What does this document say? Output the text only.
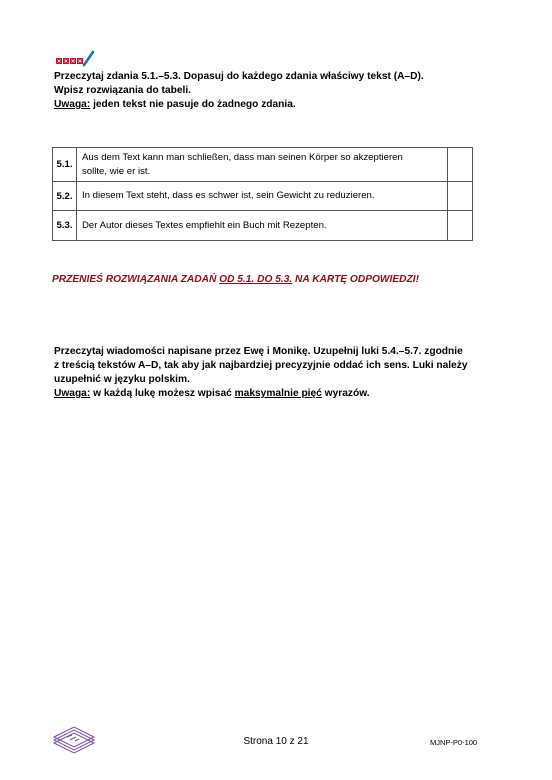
Przeczytaj zdania 5.1.–5.3. Dopasuj do każdego zdania właściwy tekst (A–D).
Wpisz rozwiązania do tabeli.
Uwaga: jeden tekst nie pasuje do żadnego zdania.
5.1.	Aus dem Text kann man schließen, dass man seinen Körper so akzeptieren
sollte, wie er ist.	

5.2.	In diesem Text steht, dass es schwer ist, sein Gewicht zu reduzieren.	
5.3.	Der Autor dieses Textes empfiehlt ein Buch mit Rezepten.	
PRZENIEŚ ROZWIĄZANIA ZADAŃ OD 5.1. DO 5.3. NA KARTĘ ODPOWIEDZI!
Przeczytaj wiadomości napisane przez Ewę i Monikę. Uzupełnij luki 5.4.–5.7. zgodnie
z treścią tekstów A–D, tak aby jak najbardziej precyzyjnie oddać ich sens. Luki należy
uzupełnić w języku polskim.
Uwaga: w każdą lukę możesz wpisać maksymalnie pięć wyrazów.
Strona 10 z 21	MJNP-P0-100
